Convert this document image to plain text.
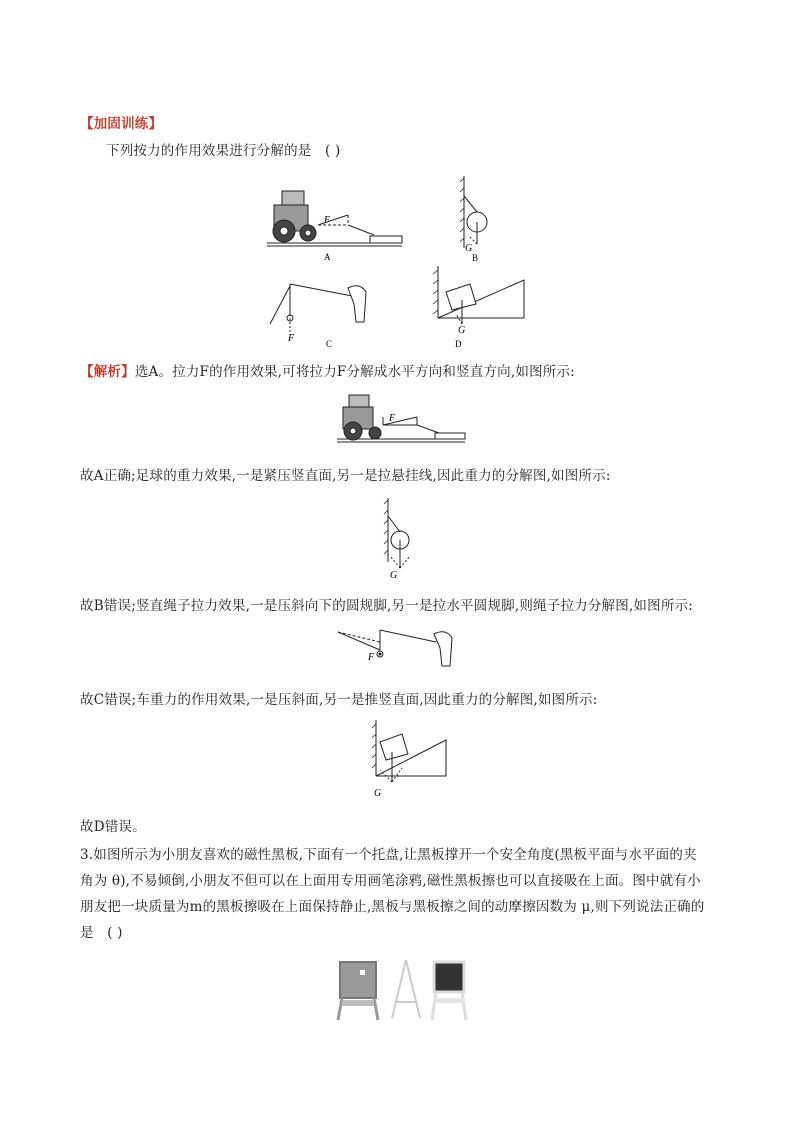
【加固训练】
下列按力的作用效果进行分解的是 ( )
F
A
G
B
F	C
G
D
【解析】选A。拉力F的作用效果,可将拉力F分解成水平方向和竖直方向,如图所示:
F
故A正确;足球的重力效果,一是紧压竖直面,另一是拉悬挂线,因此重力的分解图,如图所示:
G
故B错误;竖直绳子拉力效果,一是压斜向下的圆规脚,另一是拉水平圆规脚,则绳子拉力分解图,如图所示:
F
故C错误;车重力的作用效果,一是压斜面,另一是推竖直面,因此重力的分解图,如图所示:
G
故D错误。
3.如图所示为小朋友喜欢的磁性黑板,下面有一个托盘,让黑板撑开一个安全角度(黑板平面与水平面的夹
角为 θ),不易倾倒,小朋友不但可以在上面用专用画笔涂鸦,磁性黑板擦也可以直接吸在上面。图中就有小
朋友把一块质量为m的黑板擦吸在上面保持静止,黑板与黑板擦之间的动摩擦因数为 μ,则下列说法正确的
是 ( )
